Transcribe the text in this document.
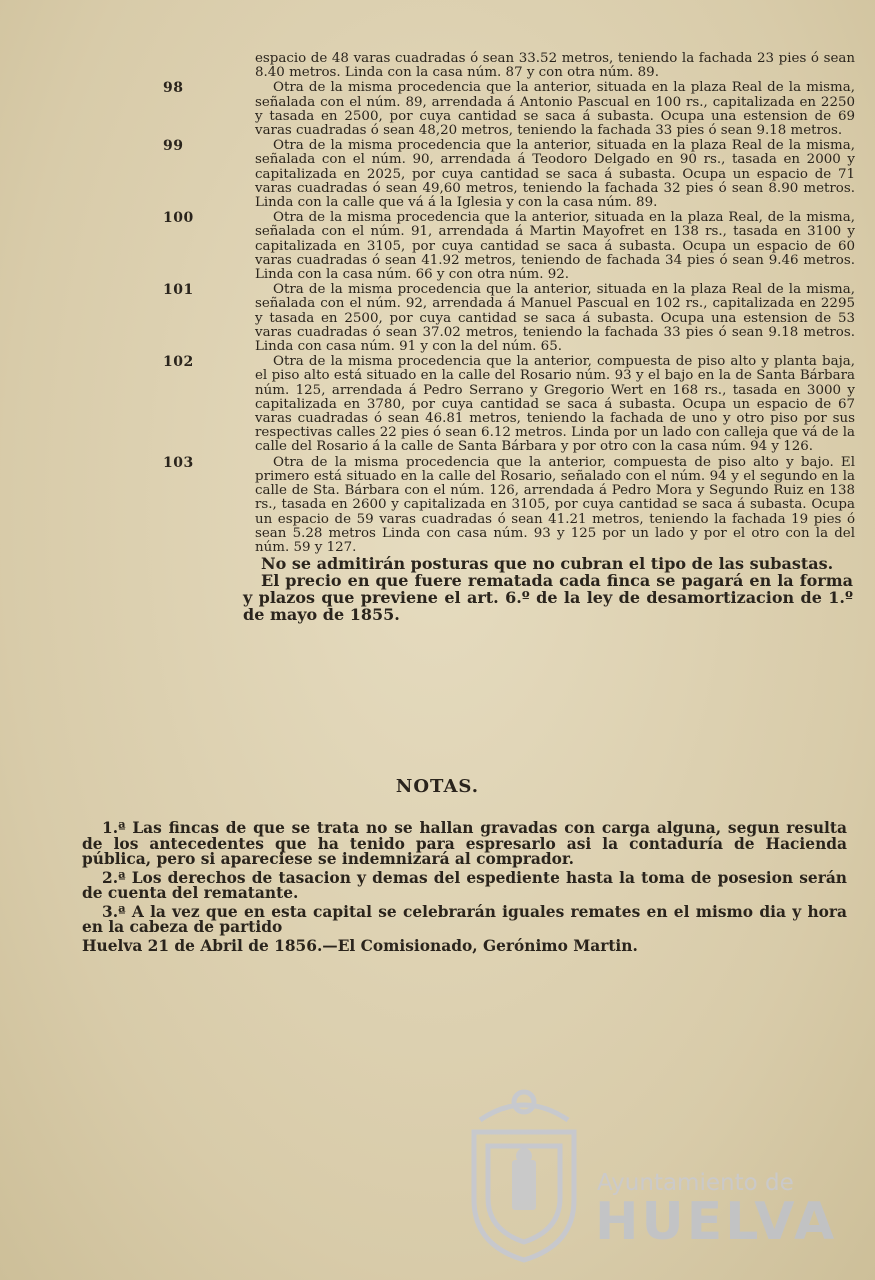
espacio de 48 varas cuadradas ó sean 33.52 metros, teniendo la fachada 23 pies ó sean 8.40 metros. Linda con la casa núm. 87 y con otra núm. 89.
98	Otra de la misma procedencia que la anterior, situada en la plaza Real de la misma, señalada con el núm. 89, arrendada á Antonio Pascual en 100 rs., capitalizada en 2250 y tasada en 2500, por cuya cantidad se saca á subasta. Ocupa una estension de 69 varas cuadradas ó sean 48,20 metros, teniendo la fachada 33 pies ó sean 9.18 metros.
99	Otra de la misma procedencia que la anterior, situada en la plaza Real de la misma, señalada con el núm. 90, arrendada á Teodoro Delgado en 90 rs., tasada en 2000 y capitalizada en 2025, por cuya cantidad se saca á subasta. Ocupa un espacio de 71 varas cuadradas ó sean 49,60 metros, teniendo la fachada 32 pies ó sean 8.90 metros. Linda con la calle que vá á la Iglesia y con la casa núm. 89.
100	Otra de la misma procedencia que la anterior, situada en la plaza Real, de la misma, señalada con el núm. 91, arrendada á Martin Mayofret en 138 rs., tasada en 3100 y capitalizada en 3105, por cuya cantidad se saca á subasta. Ocupa un espacio de 60 varas cuadradas ó sean 41.92 metros, teniendo de fachada 34 pies ó sean 9.46 metros. Linda con la casa núm. 66 y con otra núm. 92.
101	Otra de la misma procedencia que la anterior, situada en la plaza Real de la misma, señalada con el núm. 92, arrendada á Manuel Pascual en 102 rs., capitalizada en 2295 y tasada en 2500, por cuya cantidad se saca á subasta. Ocupa una estension de 53 varas cuadradas ó sean 37.02 metros, teniendo la fachada 33 pies ó sean 9.18 metros. Linda con casa núm. 91 y con la del núm. 65.
102	Otra de la misma procedencia que la anterior, compuesta de piso alto y planta baja, el piso alto está situado en la calle del Rosario núm. 93 y el bajo en la de Santa Bárbara núm. 125, arrendada á Pedro Serrano y Gregorio Wert en 168 rs., tasada en 3000 y capitalizada en 3780, por cuya cantidad se saca á subasta. Ocupa un espacio de 67 varas cuadradas ó sean 46.81 metros, teniendo la fachada de uno y otro piso por sus respectivas calles 22 pies ó sean 6.12 metros. Linda por un lado con calleja que vá de la calle del Rosario á la calle de Santa Bárbara y por otro con la casa núm. 94 y 126.
103	Otra de la misma procedencia que la anterior, compuesta de piso alto y bajo. El primero está situado en la calle del Rosario, señalado con el núm. 94 y el segundo en la calle de Sta. Bárbara con el núm. 126, arrendada á Pedro Mora y Segundo Ruiz en 138 rs., tasada en 2600 y capitalizada en 3105, por cuya cantidad se saca á subasta. Ocupa un espacio de 59 varas cuadradas ó sean 41.21 metros, teniendo la fachada 19 pies ó sean 5.28 metros Linda con casa núm. 93 y 125 por un lado y por el otro con la del núm. 59 y 127.

No se admitirán posturas que no cubran el tipo de las subastas.

El precio en que fuere rematada cada finca se pagará en la forma y plazos que previene el art. 6.º de la ley de desamortizacion de 1.º de mayo de 1855.

NOTAS.

1.ª Las fincas de que se trata no se hallan gravadas con carga alguna, segun resulta de los antecedentes que ha tenido para espresarlo asi la contaduría de Hacienda pública, pero si apareciese se indemnizará al comprador.

2.ª Los derechos de tasacion y demas del espediente hasta la toma de posesion serán de cuenta del rematante.

3.ª A la vez que en esta capital se celebrarán iguales remates en el mismo dia y hora en la cabeza de partido

Huelva 21 de Abril de 1856.—El Comisionado, Gerónimo Martin.

Ayuntamiento de
HUELVA
